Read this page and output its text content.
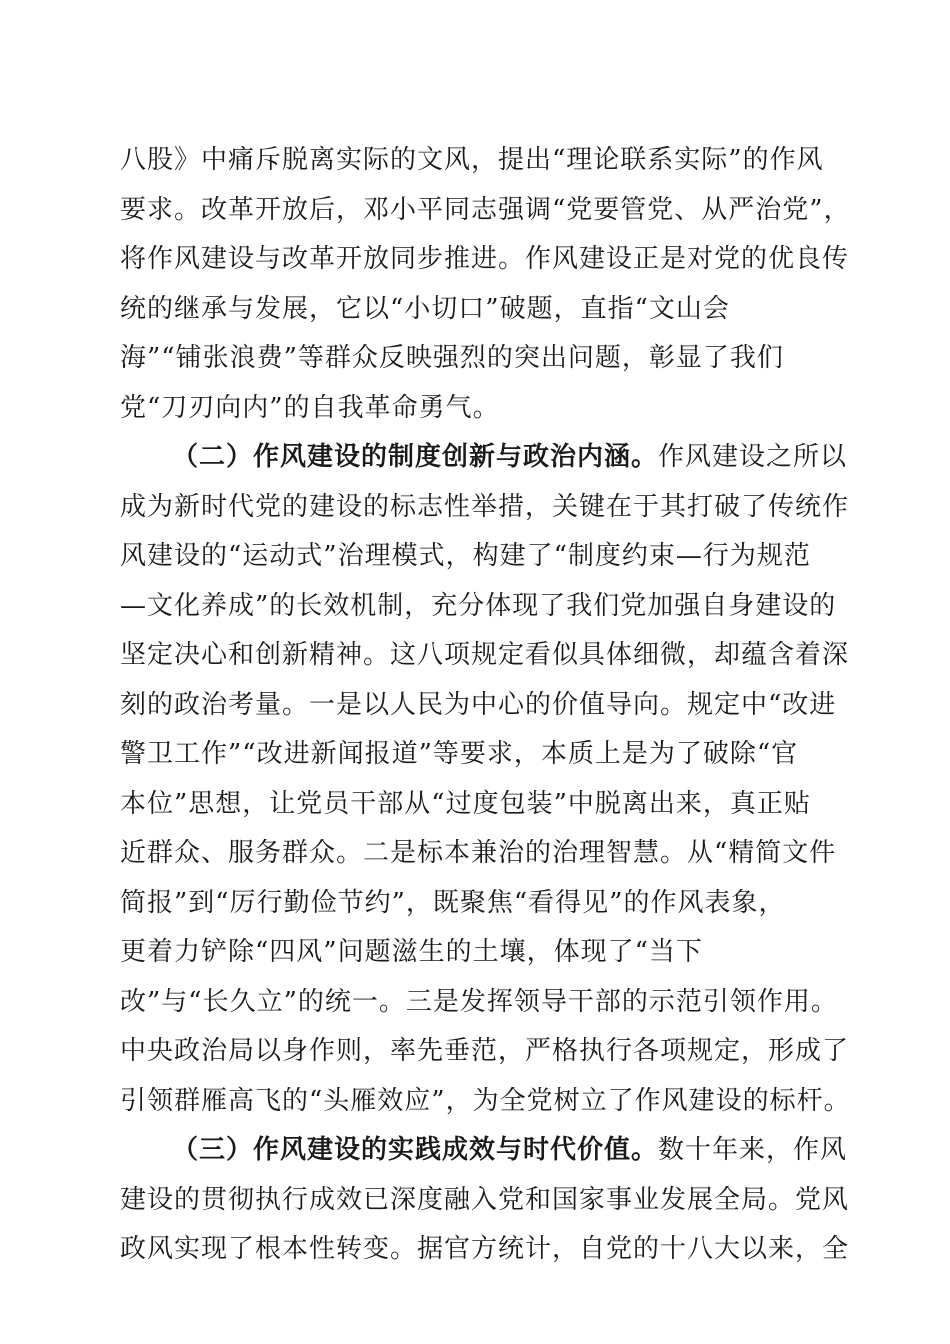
八股》中痛斥脱离实际的文风，提出“理论联系实际”的作风
要求。改革开放后，邓小平同志强调“党要管党、从严治党”，
将作风建设与改革开放同步推进。作风建设正是对党的优良传
统的继承与发展，它以“小切口”破题，直指“文山会
海”“铺张浪费”等群众反映强烈的突出问题，彰显了我们
党“刀刃向内”的自我革命勇气。
（二）作风建设的制度创新与政治内涵。作风建设之所以
成为新时代党的建设的标志性举措，关键在于其打破了传统作
风建设的“运动式”治理模式，构建了“制度约束—行为规范
—文化养成”的长效机制，充分体现了我们党加强自身建设的
坚定决心和创新精神。这八项规定看似具体细微，却蕴含着深
刻的政治考量。一是以人民为中心的价值导向。规定中“改进
警卫工作”“改进新闻报道”等要求，本质上是为了破除“官
本位”思想，让党员干部从“过度包装”中脱离出来，真正贴
近群众、服务群众。二是标本兼治的治理智慧。从“精简文件
简报”到“厉行勤俭节约”，既聚焦“看得见”的作风表象，
更着力铲除“四风”问题滋生的土壤，体现了“当下
改”与“长久立”的统一。三是发挥领导干部的示范引领作用。
中央政治局以身作则，率先垂范，严格执行各项规定，形成了
引领群雁高飞的“头雁效应”，为全党树立了作风建设的标杆。
（三）作风建设的实践成效与时代价值。数十年来，作风
建设的贯彻执行成效已深度融入党和国家事业发展全局。党风
政风实现了根本性转变。据官方统计，自党的十八大以来，全
